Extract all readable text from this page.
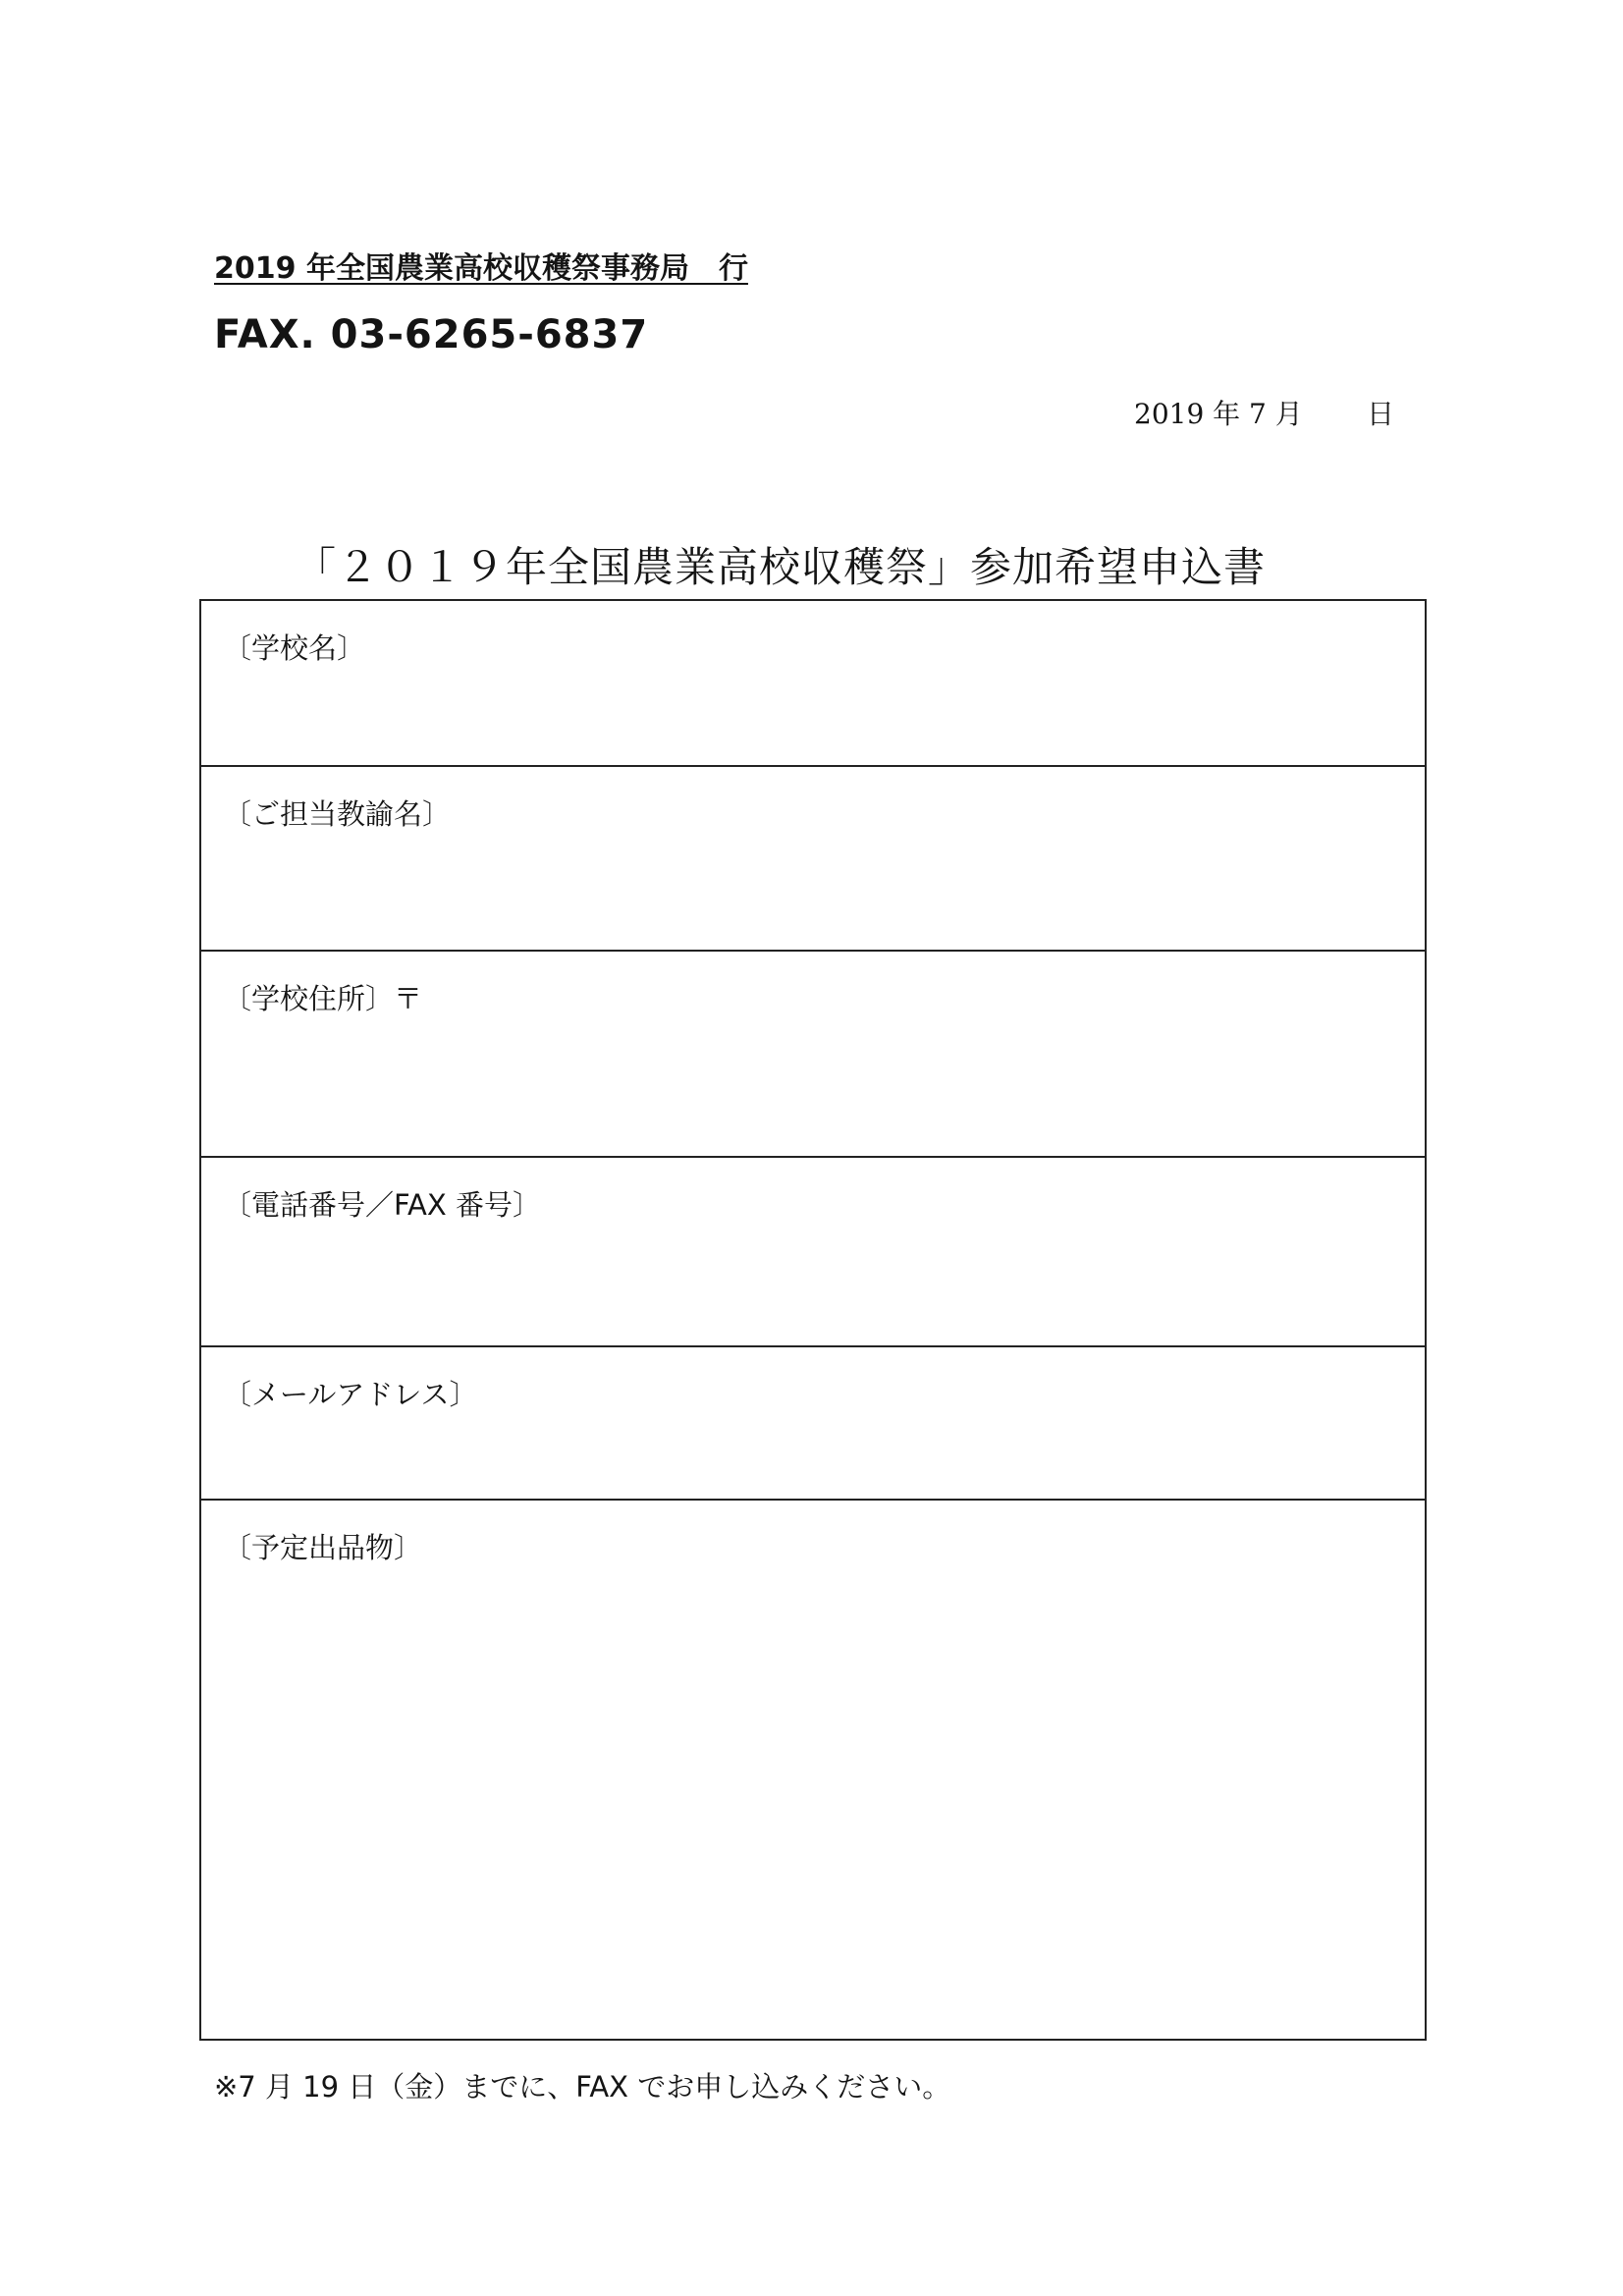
2019 年全国農業高校収穫祭事務局　行
FAX. 03-6265-6837
2019 年 7 月 日
「２０１９年全国農業高校収穫祭」参加希望申込書
〔学校名〕
〔ご担当教諭名〕
〔学校住所〕〒
〔電話番号／FAX 番号〕
〔メールアドレス〕
〔予定出品物〕
※7 月 19 日（金）までに、FAX でお申し込みください。
